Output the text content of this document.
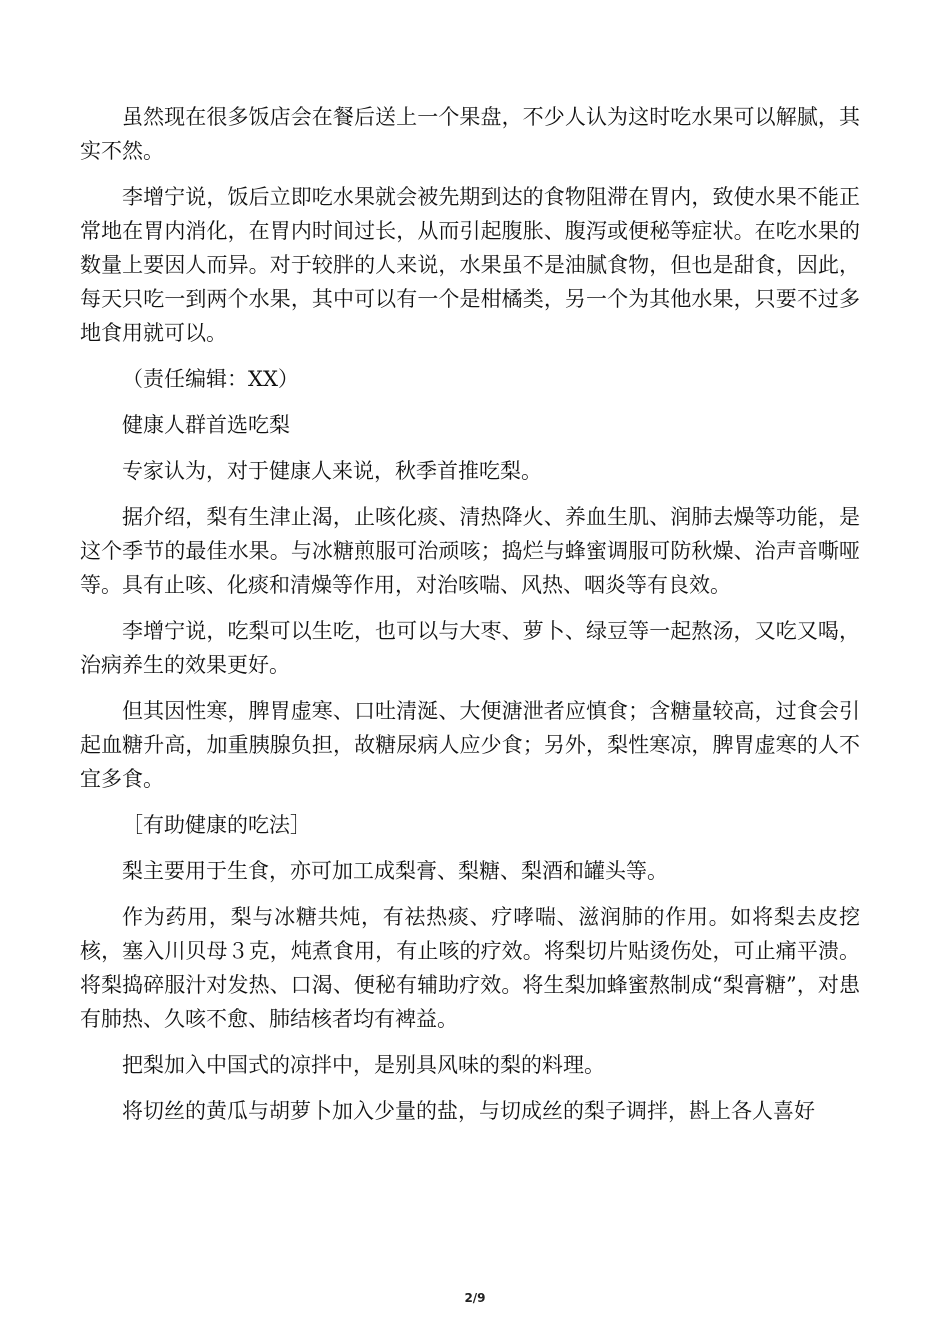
虽然现在很多饭店会在餐后送上一个果盘，不少人认为这时吃水果可以解腻，其实不然。

李增宁说，饭后立即吃水果就会被先期到达的食物阻滞在胃内，致使水果不能正常地在胃内消化，在胃内时间过长，从而引起腹胀、腹泻或便秘等症状。在吃水果的数量上要因人而异。对于较胖的人来说，水果虽不是油腻食物，但也是甜食，因此，每天只吃一到两个水果，其中可以有一个是柑橘类，另一个为其他水果，只要不过多地食用就可以。

（责任编辑：XX）

健康人群首选吃梨

专家认为，对于健康人来说，秋季首推吃梨。

据介绍，梨有生津止渴，止咳化痰、清热降火、养血生肌、润肺去燥等功能，是这个季节的最佳水果。与冰糖煎服可治顽咳；捣烂与蜂蜜调服可防秋燥、治声音嘶哑等。具有止咳、化痰和清燥等作用，对治咳喘、风热、咽炎等有良效。

李增宁说，吃梨可以生吃，也可以与大枣、萝卜、绿豆等一起熬汤，又吃又喝，治病养生的效果更好。

但其因性寒，脾胃虚寒、口吐清涎、大便溏泄者应慎食；含糖量较高，过食会引起血糖升高，加重胰腺负担，故糖尿病人应少食；另外，梨性寒凉，脾胃虚寒的人不宜多食。

［有助健康的吃法］

梨主要用于生食，亦可加工成梨膏、梨糖、梨酒和罐头等。

作为药用，梨与冰糖共炖，有祛热痰、疗哮喘、滋润肺的作用。如将梨去皮挖核，塞入川贝母３克，炖煮食用，有止咳的疗效。将梨切片贴烫伤处，可止痛平溃。将梨捣碎服汁对发热、口渴、便秘有辅助疗效。将生梨加蜂蜜熬制成“梨膏糖”，对患有肺热、久咳不愈、肺结核者均有裨益。

把梨加入中国式的凉拌中，是别具风味的梨的料理。

将切丝的黄瓜与胡萝卜加入少量的盐，与切成丝的梨子调拌，斟上各人喜好

2/9
